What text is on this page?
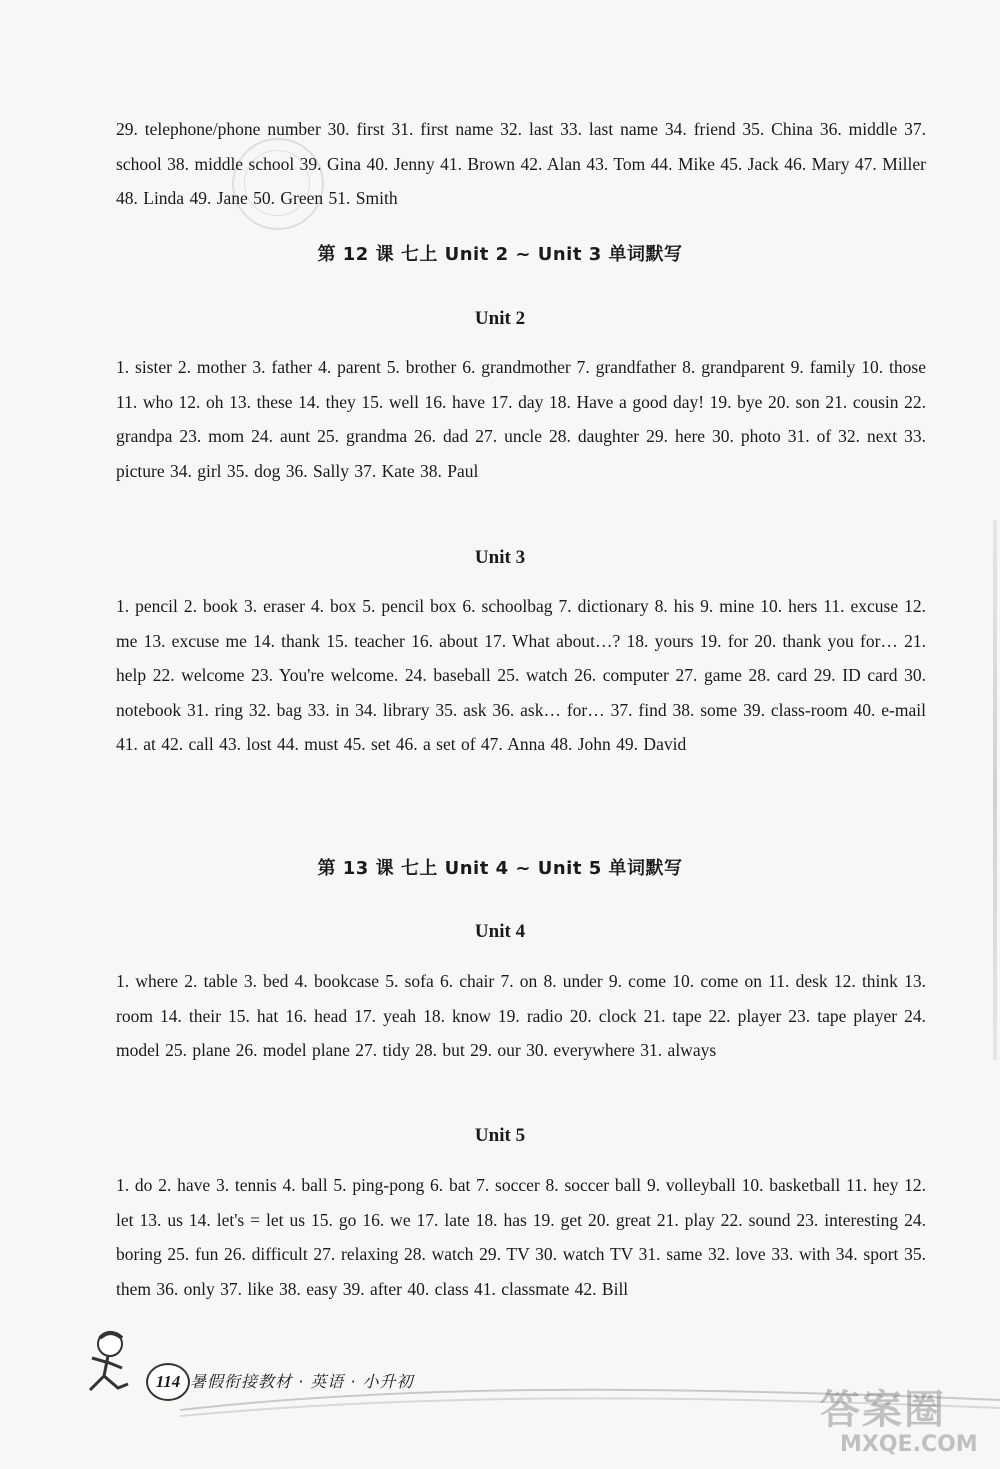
29. telephone/phone number 30. first 31. first name 32. last 33. last name 34. friend 35. China 36. middle 37. school 38. middle school 39. Gina 40. Jenny 41. Brown 42. Alan 43. Tom 44. Mike 45. Jack 46. Mary 47. Miller 48. Linda 49. Jane 50. Green 51. Smith

第 12 课 七上 Unit 2 ~ Unit 3 单词默写
Unit 2

1. sister 2. mother 3. father 4. parent 5. brother 6. grandmother 7. grandfather 8. grandparent 9. family 10. those 11. who 12. oh 13. these 14. they 15. well 16. have 17. day 18. Have a good day! 19. bye 20. son 21. cousin 22. grandpa 23. mom 24. aunt 25. grandma 26. dad 27. uncle 28. daughter 29. here 30. photo 31. of 32. next 33. picture 34. girl 35. dog 36. Sally 37. Kate 38. Paul

Unit 3

1. pencil 2. book 3. eraser 4. box 5. pencil box 6. schoolbag 7. dictionary 8. his 9. mine 10. hers 11. excuse 12. me 13. excuse me 14. thank 15. teacher 16. about 17. What about…? 18. yours 19. for 20. thank you for… 21. help 22. welcome 23. You're welcome. 24. baseball 25. watch 26. computer 27. game 28. card 29. ID card 30. notebook 31. ring 32. bag 33. in 34. library 35. ask 36. ask… for… 37. find 38. some 39. class-room 40. e-mail 41. at 42. call 43. lost 44. must 45. set 46. a set of 47. Anna 48. John 49. David

第 13 课 七上 Unit 4 ~ Unit 5 单词默写
Unit 4

1. where 2. table 3. bed 4. bookcase 5. sofa 6. chair 7. on 8. under 9. come 10. come on 11. desk 12. think 13. room 14. their 15. hat 16. head 17. yeah 18. know 19. radio 20. clock 21. tape 22. player 23. tape player 24. model 25. plane 26. model plane 27. tidy 28. but 29. our 30. everywhere 31. always

Unit 5

1. do 2. have 3. tennis 4. ball 5. ping-pong 6. bat 7. soccer 8. soccer ball 9. volleyball 10. basketball 11. hey 12. let 13. us 14. let's = let us 15. go 16. we 17. late 18. has 19. get 20. great 21. play 22. sound 23. interesting 24. boring 25. fun 26. difficult 27. relaxing 28. watch 29. TV 30. watch TV 31. same 32. love 33. with 34. sport 35. them 36. only 37. like 38. easy 39. after 40. class 41. classmate 42. Bill

114 暑假衔接教材 · 英语 · 小升初
答案圈
MXQE.COM
